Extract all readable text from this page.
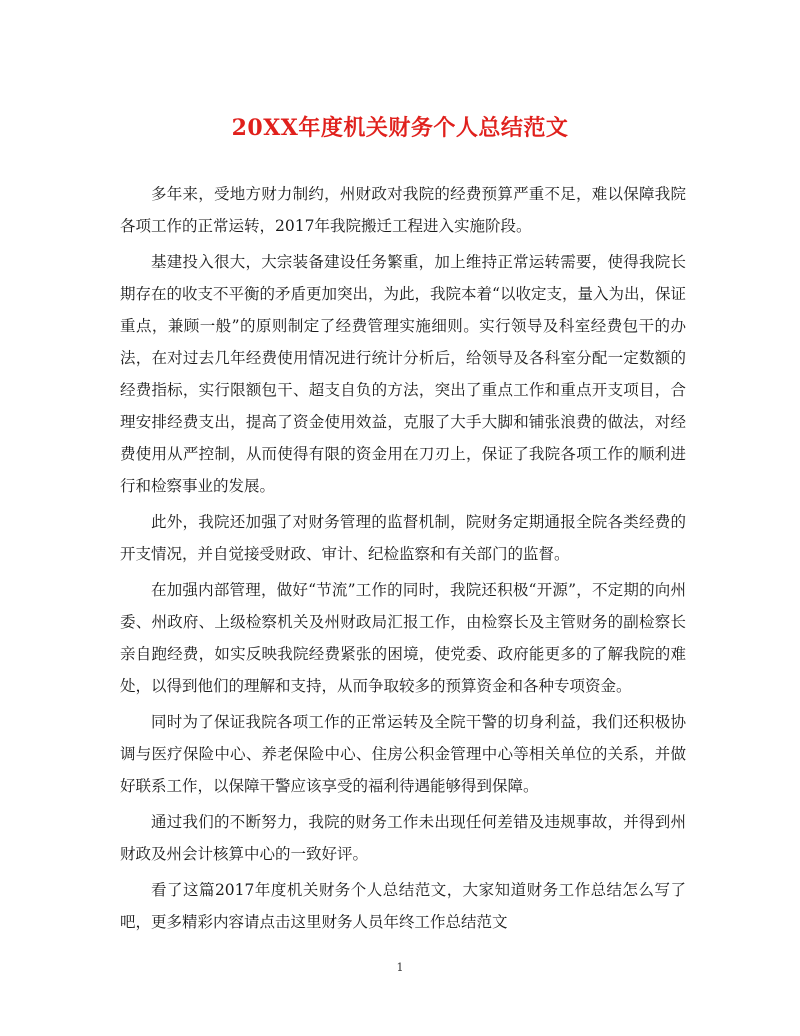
20XX年度机关财务个人总结范文

多年来，受地方财力制约，州财政对我院的经费预算严重不足，难以保障我院各项工作的正常运转，2017年我院搬迁工程进入实施阶段。

基建投入很大，大宗装备建设任务繁重，加上维持正常运转需要，使得我院长期存在的收支不平衡的矛盾更加突出，为此，我院本着“以收定支，量入为出，保证重点，兼顾一般”的原则制定了经费管理实施细则。实行领导及科室经费包干的办法，在对过去几年经费使用情况进行统计分析后，给领导及各科室分配一定数额的经费指标，实行限额包干、超支自负的方法，突出了重点工作和重点开支项目，合理安排经费支出，提高了资金使用效益，克服了大手大脚和铺张浪费的做法，对经费使用从严控制，从而使得有限的资金用在刀刃上，保证了我院各项工作的顺利进行和检察事业的发展。

此外，我院还加强了对财务管理的监督机制，院财务定期通报全院各类经费的开支情况，并自觉接受财政、审计、纪检监察和有关部门的监督。

在加强内部管理，做好“节流”工作的同时，我院还积极“开源”，不定期的向州委、州政府、上级检察机关及州财政局汇报工作，由检察长及主管财务的副检察长亲自跑经费，如实反映我院经费紧张的困境，使党委、政府能更多的了解我院的难处，以得到他们的理解和支持，从而争取较多的预算资金和各种专项资金。

同时为了保证我院各项工作的正常运转及全院干警的切身利益，我们还积极协调与医疗保险中心、养老保险中心、住房公积金管理中心等相关单位的关系，并做好联系工作，以保障干警应该享受的福利待遇能够得到保障。

通过我们的不断努力，我院的财务工作未出现任何差错及违规事故，并得到州财政及州会计核算中心的一致好评。

看了这篇2017年度机关财务个人总结范文，大家知道财务工作总结怎么写了吧，更多精彩内容请点击这里财务人员年终工作总结范文

1
